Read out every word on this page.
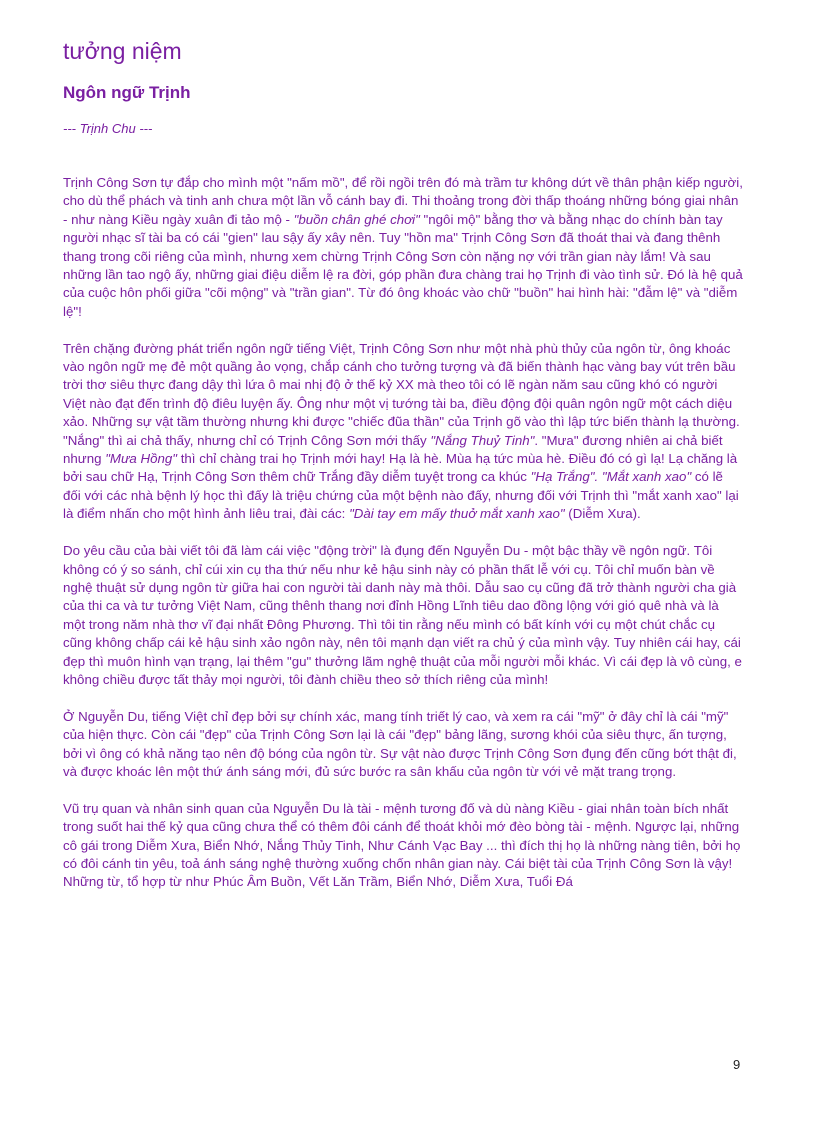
tưởng niệm
Ngôn ngữ Trịnh

--- Trịnh Chu ---

Trịnh Công Sơn tự đắp cho mình một "nấm mồ", để rồi ngồi trên đó mà trầm tư không dứt về thân phận kiếp người, cho dù thể phách và tinh anh chưa một lần vỗ cánh bay đi. Thi thoảng trong đời thấp thoáng những bóng giai nhân - như nàng Kiều ngày xuân đi tảo mộ - "buồn chân ghé chơi" "ngôi mộ" bằng thơ và bằng nhạc do chính bàn tay người nhạc sĩ tài ba có cái "gien" lau sậy ấy xây nên. Tuy "hồn ma" Trịnh Công Sơn đã thoát thai và đang thênh thang trong cõi riêng của mình, nhưng xem chừng Trịnh Công Sơn còn nặng nợ với trần gian này lắm! Và sau những lần tao ngộ ấy, những giai điệu diễm lệ ra đời, góp phần đưa chàng trai họ Trịnh đi vào tình sử. Đó là hệ quả của cuộc hôn phối giữa "cõi mộng" và "trần gian". Từ đó ông khoác vào chữ "buồn" hai hình hài: "đẫm lệ" và "diễm lệ"!

Trên chặng đường phát triển ngôn ngữ tiếng Việt, Trịnh Công Sơn như một nhà phù thủy của ngôn từ, ông khoác vào ngôn ngữ mẹ đẻ một quầng ảo vọng, chắp cánh cho tưởng tượng và đã biến thành hạc vàng bay vút trên bầu trời thơ siêu thực đang dậy thì lứa ô mai nhị độ ở thế kỷ XX mà theo tôi có lẽ ngàn năm sau cũng khó có người Việt nào đạt đến trình độ điêu luyện ấy. Ông như một vị tướng tài ba, điều động đội quân ngôn ngữ một cách diệu xảo. Những sự vật tầm thường nhưng khi được "chiếc đũa thần" của Trịnh gõ vào thì lập tức biến thành lạ thường. "Nắng" thì ai chả thấy, nhưng chỉ có Trịnh Công Sơn mới thấy "Nắng Thuỷ Tinh". "Mưa" đương nhiên ai chả biết nhưng "Mưa Hồng" thì chỉ chàng trai họ Trịnh mới hay! Hạ là hè. Mùa hạ tức mùa hè. Điều đó có gì lạ! Lạ chăng là bởi sau chữ Hạ, Trịnh Công Sơn thêm chữ Trắng đầy diễm tuyệt trong ca khúc "Hạ Trắng". "Mắt xanh xao" có lẽ đối với các nhà bệnh lý học thì đấy là triệu chứng của một bệnh nào đấy, nhưng đối với Trịnh thì "mắt xanh xao" lại là điểm nhấn cho một hình ảnh liêu trai, đài các: "Dài tay em mấy thuở mắt xanh xao" (Diễm Xưa).

Do yêu cầu của bài viết tôi đã làm cái việc "động trời" là đụng đến Nguyễn Du - một bậc thầy về ngôn ngữ. Tôi không có ý so sánh, chỉ cúi xin cụ tha thứ nếu như kẻ hậu sinh này có phần thất lễ với cụ. Tôi chỉ muốn bàn về nghệ thuật sử dụng ngôn từ giữa hai con người tài danh này mà thôi. Dẫu sao cụ cũng đã trở thành người cha già của thi ca và tư tưởng Việt Nam, cũng thênh thang nơi đỉnh Hồng Lĩnh tiêu dao đồng lộng với gió quê nhà và là một trong năm nhà thơ vĩ đại nhất Đông Phương. Thì tôi tin rằng nếu mình có bất kính với cụ một chút chắc cụ cũng không chấp cái kẻ hậu sinh xảo ngôn này, nên tôi mạnh dạn viết ra chủ ý của mình vậy. Tuy nhiên cái hay, cái đẹp thì muôn hình vạn trạng, lại thêm "gu" thưởng lãm nghệ thuật của mỗi người mỗi khác. Vì cái đẹp là vô cùng, e không chiều được tất thảy mọi người, tôi đành chiều theo sở thích riêng của mình!

Ở Nguyễn Du, tiếng Việt chỉ đẹp bởi sự chính xác, mang tính triết lý cao, và xem ra cái "mỹ" ở đây chỉ là cái "mỹ" của hiện thực. Còn cái "đẹp" của Trịnh Công Sơn lại là cái "đẹp" bảng lãng, sương khói của siêu thực, ấn tượng, bởi vì ông có khả năng tạo nên độ bóng của ngôn từ. Sự vật nào được Trịnh Công Sơn đụng đến cũng bớt thật đi, và được khoác lên một thứ ánh sáng mới, đủ sức bước ra sân khấu của ngôn từ với vẻ mặt trang trọng.

Vũ trụ quan và nhân sinh quan của Nguyễn Du là tài - mệnh tương đố và dù nàng Kiều - giai nhân toàn bích nhất trong suốt hai thế kỷ qua cũng chưa thể có thêm đôi cánh để thoát khỏi mớ đèo bòng tài - mệnh. Ngược lại, những cô gái trong Diễm Xưa, Biển Nhớ, Nắng Thủy Tinh, Như Cánh Vạc Bay ... thì đích thị họ là những nàng tiên, bởi họ có đôi cánh tin yêu, toả ánh sáng nghệ thường xuống chốn nhân gian này. Cái biệt tài của Trịnh Công Sơn là vậy! Những từ, tổ hợp từ như Phúc Âm Buồn, Vết Lăn Trầm, Biển Nhớ, Diễm Xưa, Tuổi Đá

9
